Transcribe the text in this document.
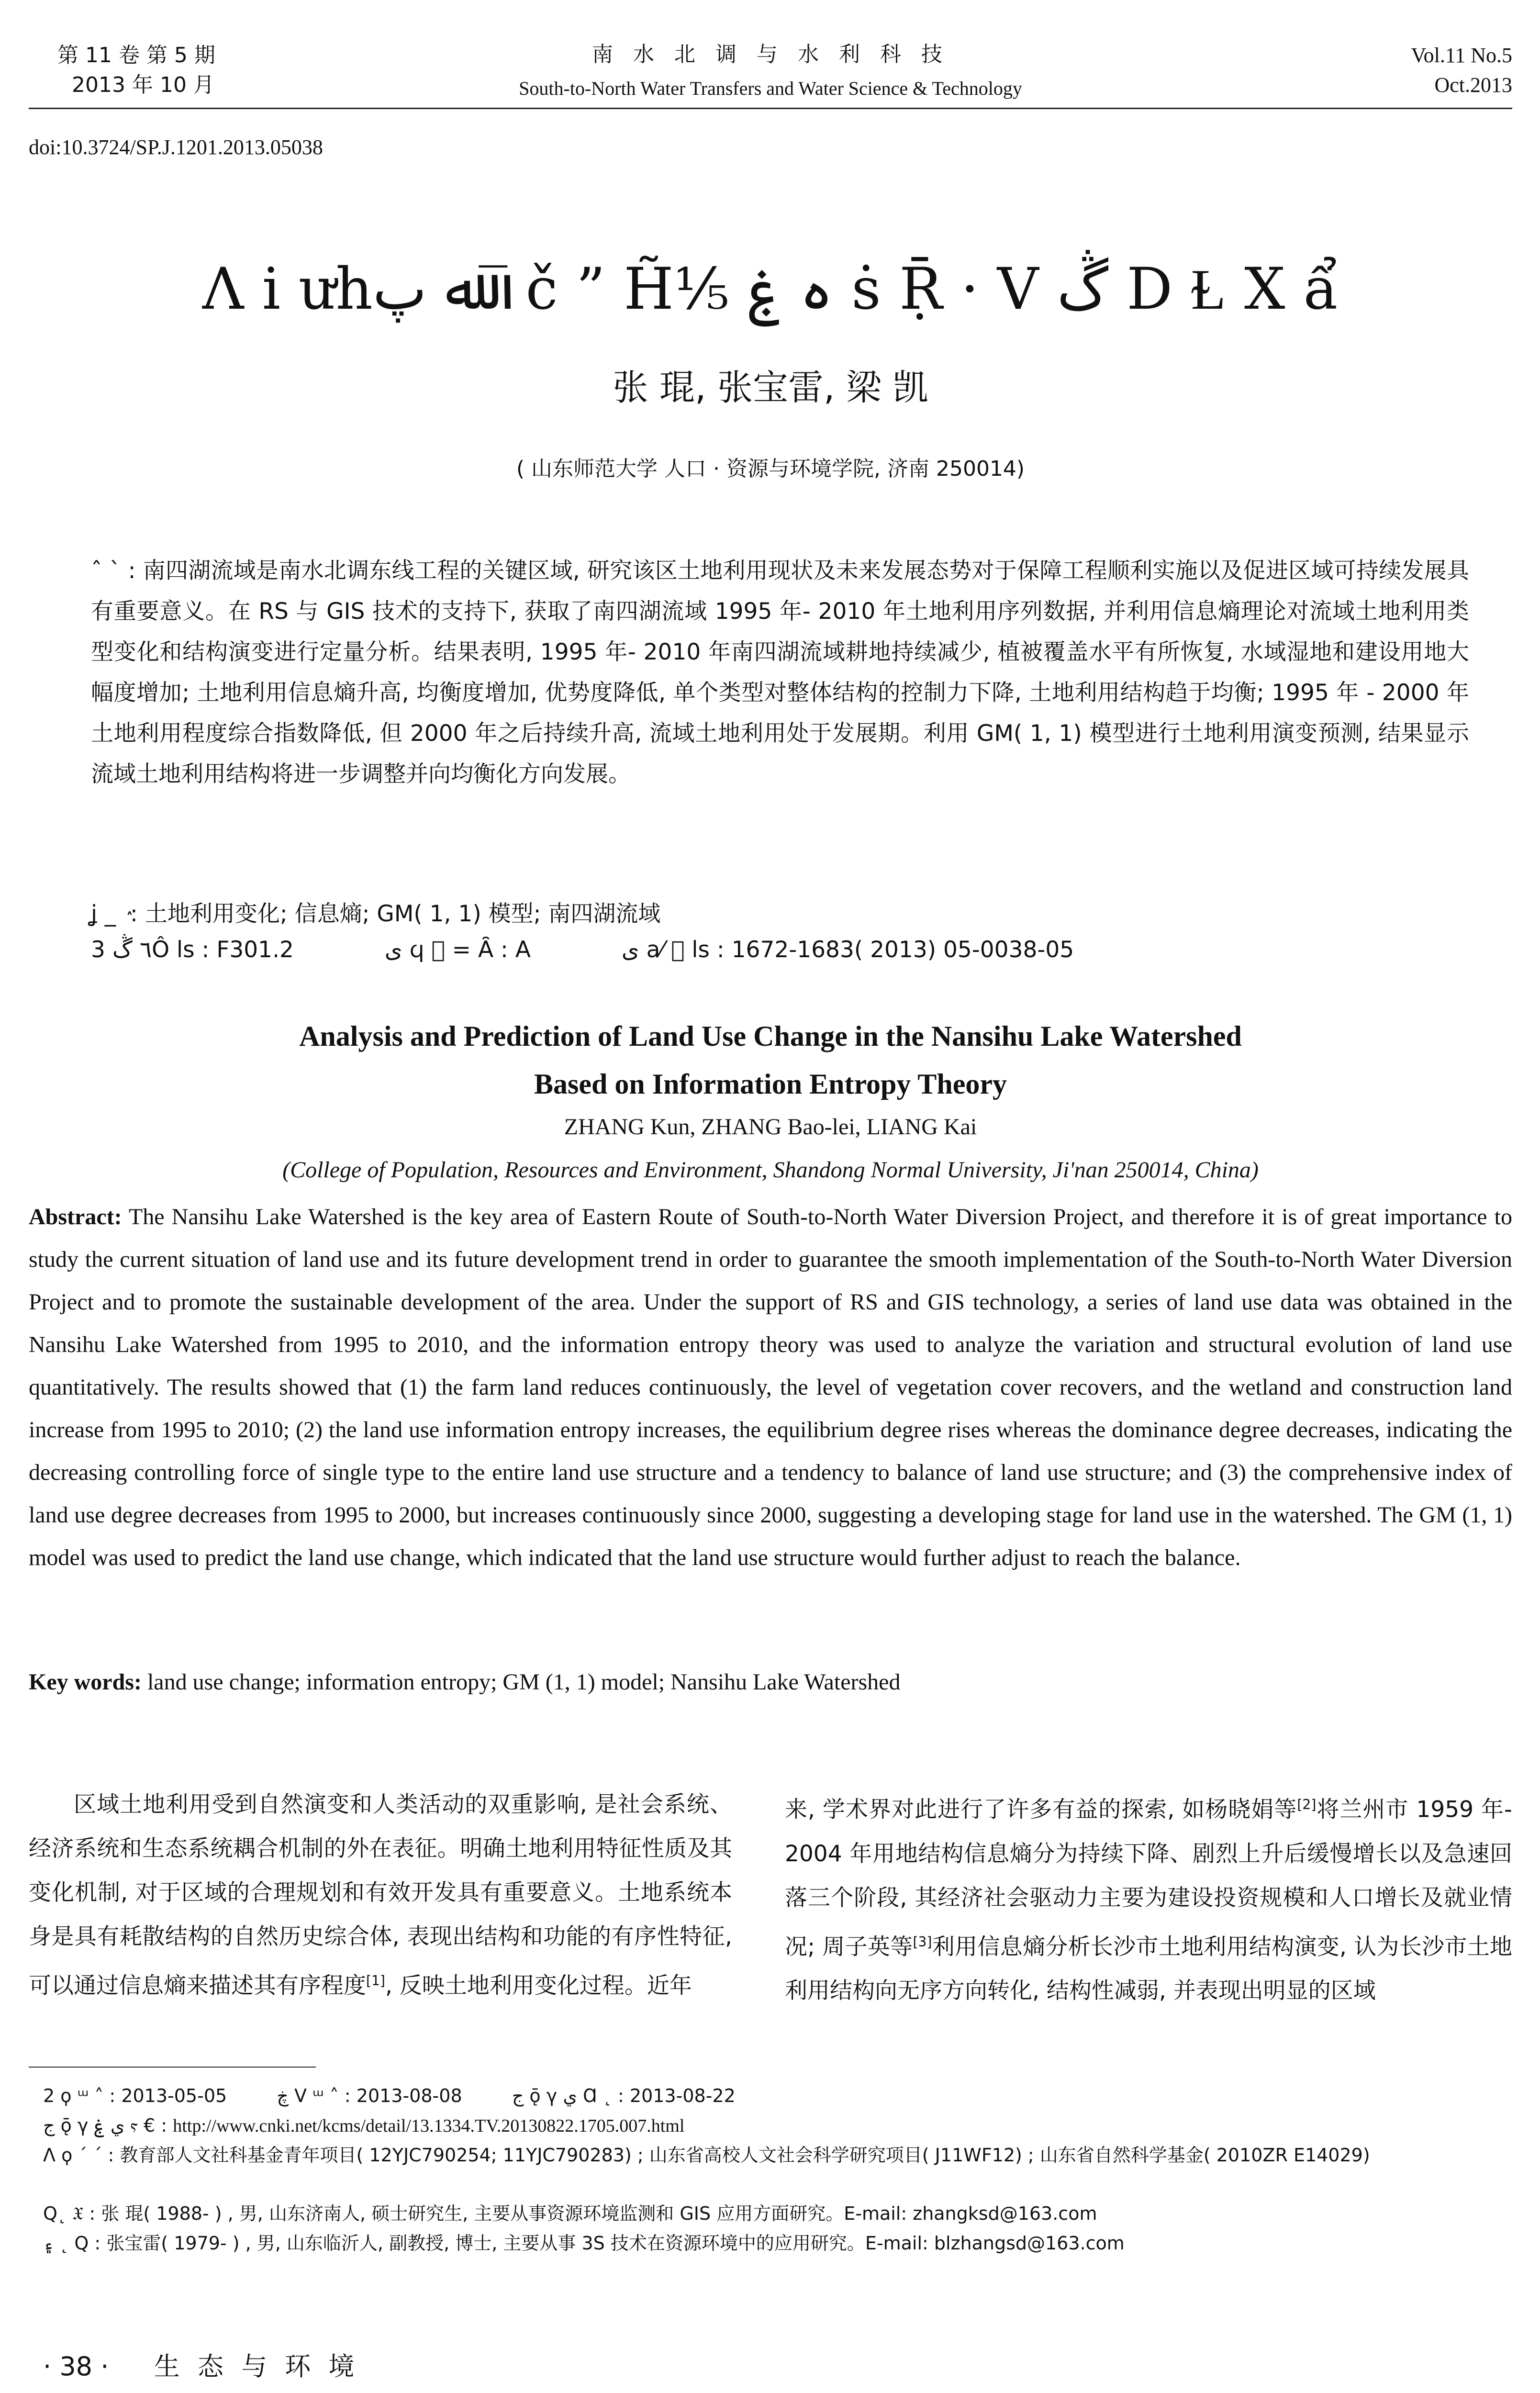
第 11 卷 第 5 期
2013 年 10 月
南 水 北 调 与 水 利 科 技
South-to-North Water Transfers and Water Science & Technology
Vol.11 No.5
Oct.2013
doi:10.3724/SP.J.1201.2013.05038
Ʌ i ưhﷲ پ‾ č ” H̃⅕ ه ۼ ṡ Ṝ · Ⅴ ڴ D Ɫ X ẩ
张 琨, 张宝雷, 梁 凯
( 山东师范大学 人口 · 资源与环境学院, 济南 250014)
ˆ ˋ : 南四湖流域是南水北调东线工程的关键区域, 研究该区土地利用现状及未来发展态势对于保障工程顺利实施以及促进区域可持续发展具有重要意义。在 RS 与 GIS 技术的支持下, 获取了南四湖流域 1995 年- 2010 年土地利用序列数据, 并利用信息熵理论对流域土地利用类型变化和结构演变进行定量分析。结果表明, 1995 年- 2010 年南四湖流域耕地持续减少, 植被覆盖水平有所恢复, 水域湿地和建设用地大幅度增加; 土地利用信息熵升高, 均衡度增加, 优势度降低, 单个类型对整体结构的控制力下降, 土地利用结构趋于均衡; 1995 年 - 2000 年土地利用程度综合指数降低, 但 2000 年之后持续升高, 流域土地利用处于发展期。利用 GM( 1, 1) 模型进行土地利用演变预测, 结果显示流域土地利用结构将进一步调整并向均衡化方向发展。
ʝ _ ٛ : 土地利用变化; 信息熵; GM( 1, 1) 模型; 南四湖流域
3 ٦ ڴÔ ls : F301.2	ﯼ ϥ ⃞ = Ȃ : A	ﯼ a⁄ ⃞ ls : 1672-1683( 2013) 05-0038-05
Analysis and Prediction of Land Use Change in the Nansihu Lake Watershed
Based on Information Entropy Theory
ZHANG Kun, ZHANG Bao-lei, LIANG Kai
(College of Population, Resources and Environment, Shandong Normal University, Ji'nan 250014, China)
Abstract: The Nansihu Lake Watershed is the key area of Eastern Route of South-to-North Water Diversion Project, and therefore it is of great importance to study the current situation of land use and its future development trend in order to guarantee the smooth implementation of the South-to-North Water Diversion Project and to promote the sustainable development of the area. Under the support of RS and GIS technology, a series of land use data was obtained in the Nansihu Lake Watershed from 1995 to 2010, and the information entropy theory was used to analyze the variation and structural evolution of land use quantitatively. The results showed that (1) the farm land reduces continuously, the level of vegetation cover recovers, and the wetland and construction land increase from 1995 to 2010; (2) the land use information entropy increases, the equilibrium degree rises whereas the dominance degree decreases, indicating the decreasing controlling force of single type to the entire land use structure and a tendency to balance of land use structure; and (3) the comprehensive index of land use degree decreases from 1995 to 2000, but increases continuously since 2000, suggesting a developing stage for land use in the watershed. The GM (1, 1) model was used to predict the land use change, which indicated that the land use structure would further adjust to reach the balance.
Key words: land use change; information entropy; GM (1, 1) model; Nansihu Lake Watershed

区域土地利用受到自然演变和人类活动的双重影响, 是社会系统、经济系统和生态系统耦合机制的外在表征。明确土地利用特征性质及其变化机制, 对于区域的合理规划和有效开发具有重要意义。土地系统本身是具有耗散结构的自然历史综合体, 表现出结构和功能的有序性特征, 可以通过信息熵来描述其有序程度[1], 反映土地利用变化过程。近年

来, 学术界对此进行了许多有益的探索, 如杨晓娟等[2]将兰州市 1959 年- 2004 年用地结构信息熵分为持续下降、剧烈上升后缓慢增长以及急速回落三个阶段, 其经济社会驱动力主要为建设投资规模和人口增长及就业情况; 周子英等[3]利用信息熵分析长沙市土地利用结构演变, 认为长沙市土地利用结构向无序方向转化, 结构性减弱, 并表现出明显的区域

2 ϙ ᵚ ˄ : 2013-05-05	ڿ Ⅴ ᵚ ˄ : 2013-08-08	ج ǭ γ ي Ɑ ˛ : 2013-08-22
ج ǭ γ ي ۼ ⲋ € : http://www.cnki.net/kcms/detail/13.1334.TV.20130822.1705.007.html
Ʌ ϙ ˊ ˊ : 教育部人文社科基金青年项目( 12YJC790254; 11YJC790283) ; 山东省高校人文社会科学研究项目( J11WF12) ; 山东省自然科学基金( 2010ZR E14029)
Q˛ 𝔛 : 张 琨( 1988- ) , 男, 山东济南人, 硕士研究生, 主要从事资源环境监测和 GIS 应用方面研究。E-mail: zhangksd@163.com
۽ ˛ Q : 张宝雷( 1979- ) , 男, 山东临沂人, 副教授, 博士, 主要从事 3S 技术在资源环境中的应用研究。E-mail: blzhangsd@163.com
· 38 · 生 态 与 环 境
